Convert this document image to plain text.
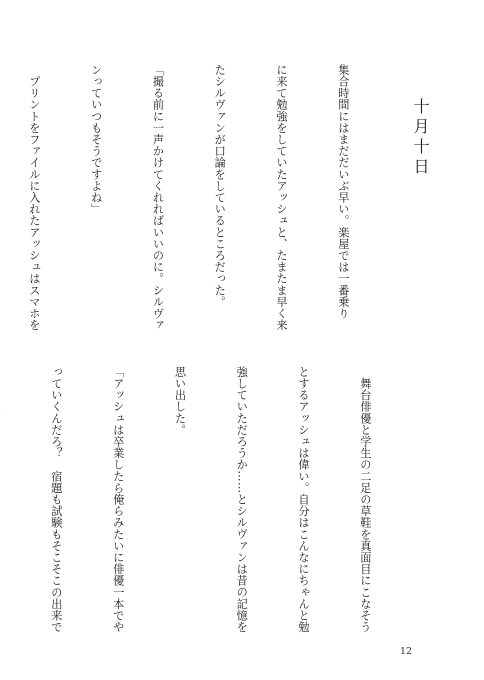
十月十日

集合時間にはまだだいぶ早い。楽屋では一番乗り

に来て勉強をしていたアッシュと、たまたま早く来

たシルヴァンが口論をしているところだった。

「撮る前に一声かけてくれればいいのに。シルヴァ

ンっていつもそうですよね」

　プリントをファイルに入れたアッシュはスマホを

　舞台俳優と学生の二足の草鞋を真面目にこなそう

とするアッシュは偉い。自分はこんなにちゃんと勉

強していただろうか……とシルヴァンは昔の記憶を

思い出した。

「アッシュは卒業したら俺らみたいに俳優一本でや

っていくんだろ？　宿題も試験もそこそこの出来で

12
